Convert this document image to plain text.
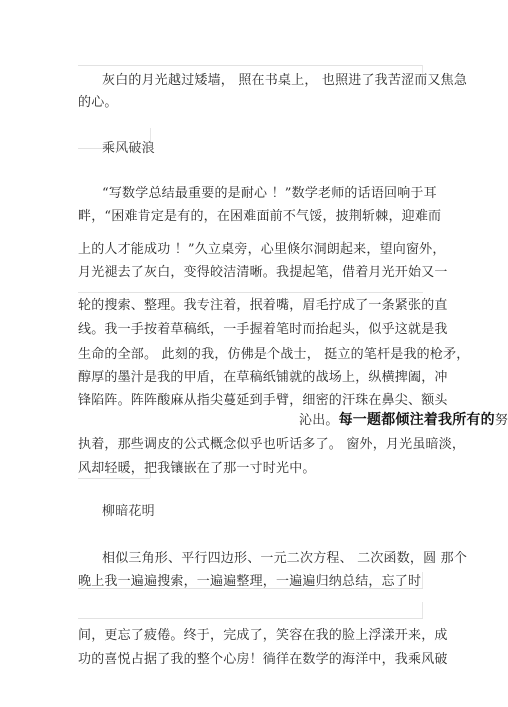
灰白的月光越过矮墙， 照在书桌上， 也照进了我苦涩而又焦急
的心。
乘风破浪
“写数学总结最重要的是耐心 ！”数学老师的话语回响于耳
畔，“困难肯定是有的，在困难面前不气馁，披荆斩棘，迎难而
上的人才能成功 ！”久立桌旁，心里倏尔洞朗起来，望向窗外，
月光褪去了灰白，变得皎洁清晰。我提起笔，借着月光开始又一
轮的搜索、整理。我专注着，抿着嘴，眉毛拧成了一条紧张的直
线。我一手按着草稿纸，一手握着笔时而抬起头，似乎这就是我
生命的全部。 此刻的我，仿佛是个战士， 挺立的笔杆是我的枪矛，
醇厚的墨汁是我的甲盾，在草稿纸铺就的战场上，纵横捭阖，冲
锋陷阵。阵阵酸麻从指尖蔓延到手臂，细密的汗珠在鼻尖、额头
沁出。每一题都倾注着我所有的努
执着，那些调皮的公式概念似乎也听话多了。 窗外，月光虽暗淡，
风却轻暖，把我镶嵌在了那一寸时光中。
柳暗花明
相似三角形、平行四边形、一元二次方程、 二次函数，圆 那个
晚上我一遍遍搜索，一遍遍整理，一遍遍归纳总结，忘了时
间，更忘了疲倦。终于，完成了，笑容在我的脸上浮漾开来，成
功的喜悦占据了我的整个心房！徜徉在数学的海洋中，我乘风破
